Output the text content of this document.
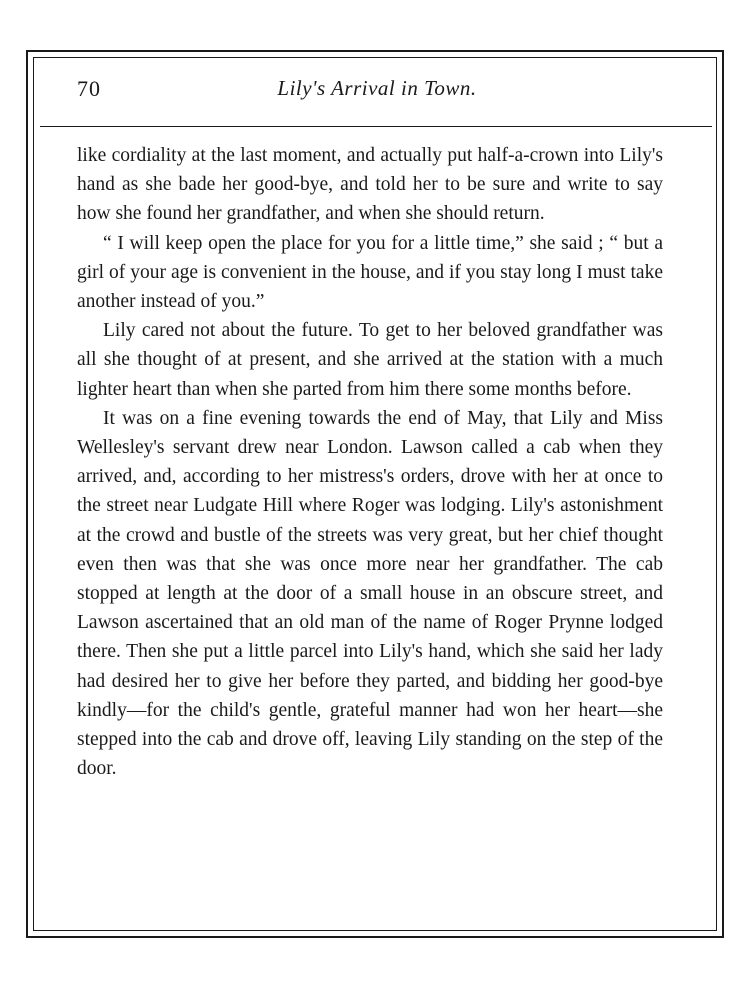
70	Lily's Arrival in Town.

like cordiality at the last moment, and actually put half-a-crown into Lily's hand as she bade her good-bye, and told her to be sure and write to say how she found her grandfather, and when she should return.

“ I will keep open the place for you for a little time,” she said ; “ but a girl of your age is convenient in the house, and if you stay long I must take another instead of you.”

Lily cared not about the future. To get to her beloved grandfather was all she thought of at present, and she arrived at the station with a much lighter heart than when she parted from him there some months before.

It was on a fine evening towards the end of May, that Lily and Miss Wellesley's servant drew near London. Lawson called a cab when they arrived, and, according to her mistress's orders, drove with her at once to the street near Ludgate Hill where Roger was lodging. Lily's astonishment at the crowd and bustle of the streets was very great, but her chief thought even then was that she was once more near her grandfather. The cab stopped at length at the door of a small house in an obscure street, and Lawson ascertained that an old man of the name of Roger Prynne lodged there. Then she put a little parcel into Lily's hand, which she said her lady had desired her to give her before they parted, and bidding her good-bye kindly—for the child's gentle, grateful manner had won her heart—she stepped into the cab and drove off, leaving Lily standing on the step of the door.
